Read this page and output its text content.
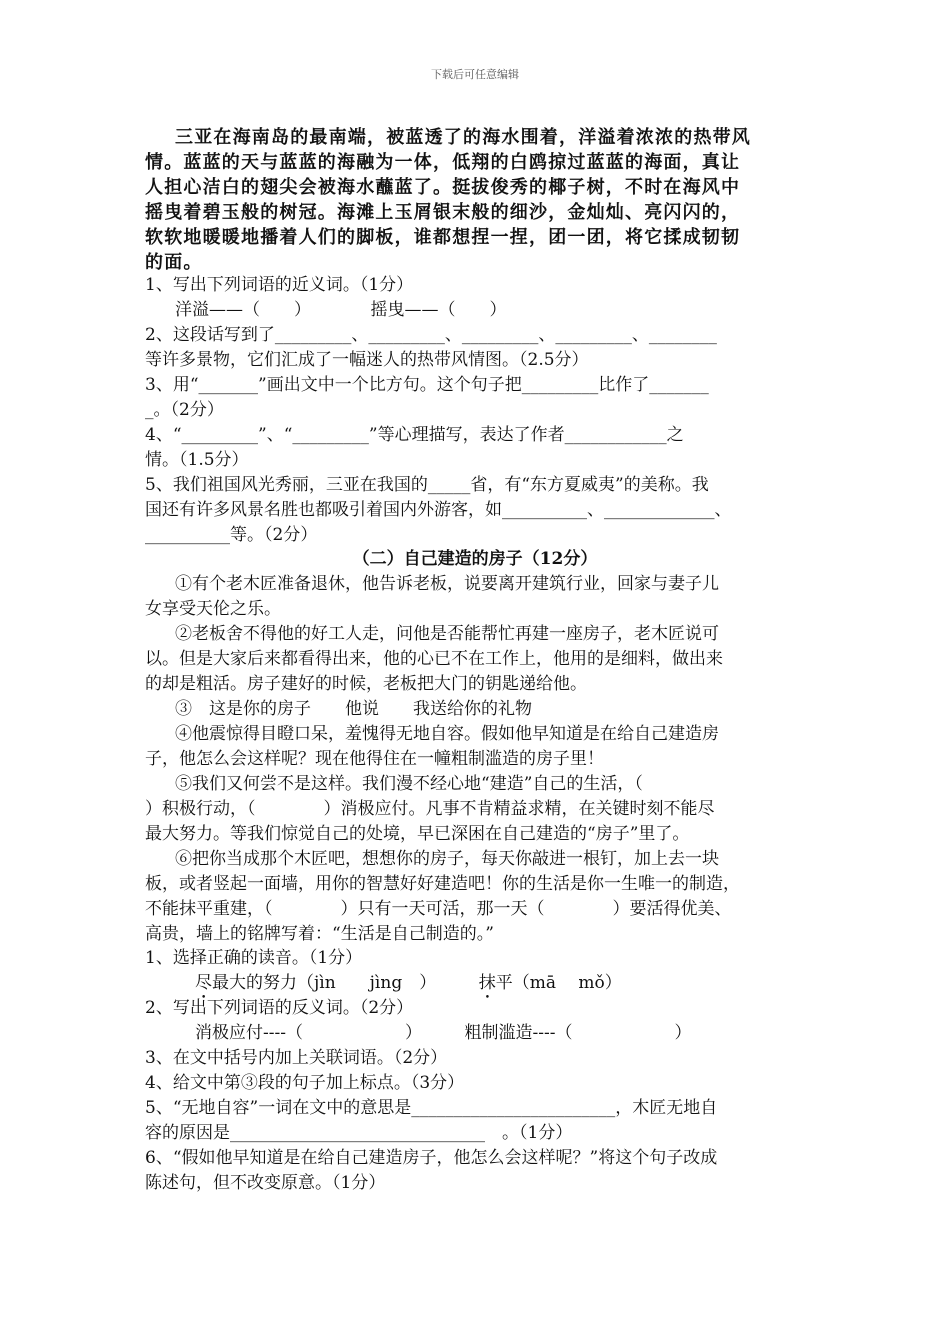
下载后可任意编辑
三亚在海南岛的最南端，被蓝透了的海水围着，洋溢着浓浓的热带风
情。蓝蓝的天与蓝蓝的海融为一体，低翔的白鸥掠过蓝蓝的海面，真让
人担心洁白的翅尖会被海水蘸蓝了。挺拔俊秀的椰子树，不时在海风中
摇曳着碧玉般的树冠。海滩上玉屑银末般的细沙，金灿灿、亮闪闪的，
软软地暖暖地播着人们的脚板，谁都想捏一捏，团一团，将它揉成韧韧
的面。
1、写出下列词语的近义词。（1分）
洋溢——（　　）　　　　摇曳——（　　）
2、这段话写到了_________、_________、_________、_________、________
等许多景物，它们汇成了一幅迷人的热带风情图。（2.5分）
3、用“_______”画出文中一个比方句。这个句子把_________比作了_______
_。（2分）
4、“_________”、“_________”等心理描写，表达了作者____________之
情。（1.5分）
5、我们祖国风光秀丽，三亚在我国的_____省，有“东方夏威夷”的美称。我
国还有许多风景名胜也都吸引着国内外游客，如__________、_____________、
__________等。（2分）
（二）自己建造的房子（12分）
①有个老木匠准备退休，他告诉老板，说要离开建筑行业，回家与妻子儿
女享受天伦之乐。
②老板舍不得他的好工人走，问他是否能帮忙再建一座房子，老木匠说可
以。但是大家后来都看得出来，他的心已不在工作上，他用的是细料，做出来
的却是粗活。房子建好的时候，老板把大门的钥匙递给他。
③　这是你的房子　　他说　　我送给你的礼物
④他震惊得目瞪口呆，羞愧得无地自容。假如他早知道是在给自己建造房
子，他怎么会这样呢？现在他得住在一幢粗制滥造的房子里！
⑤我们又何尝不是这样。我们漫不经心地“建造”自己的生活，（
）积极行动，（　　　　）消极应付。凡事不肯精益求精，在关键时刻不能尽
最大努力。等我们惊觉自己的处境，早已深困在自己建造的“房子”里了。
⑥把你当成那个木匠吧，想想你的房子，每天你敲进一根钉，加上去一块
板，或者竖起一面墙，用你的智慧好好建造吧！你的生活是你一生唯一的制造，
不能抹平重建，（　　　　）只有一天可活，那一天（　　　　）要活得优美、
高贵，墙上的铭牌写着：“生活是自己制造的。”
1、选择正确的读音。（1分）
尽最大的努力（jìn　　jìng　）　　　抹平（mā　 mǒ）
2、写出下列词语的反义词。（2分）
消极应付----（　　　　　　）　　　粗制滥造----（　　　　　　）
3、在文中括号内加上关联词语。（2分）
4、给文中第③段的句子加上标点。（3分）
5、“无地自容”一词在文中的意思是________________________，木匠无地自
容的原因是______________________________　。（1分）
6、“假如他早知道是在给自己建造房子，他怎么会这样呢？”将这个句子改成
陈述句，但不改变原意。（1分）
